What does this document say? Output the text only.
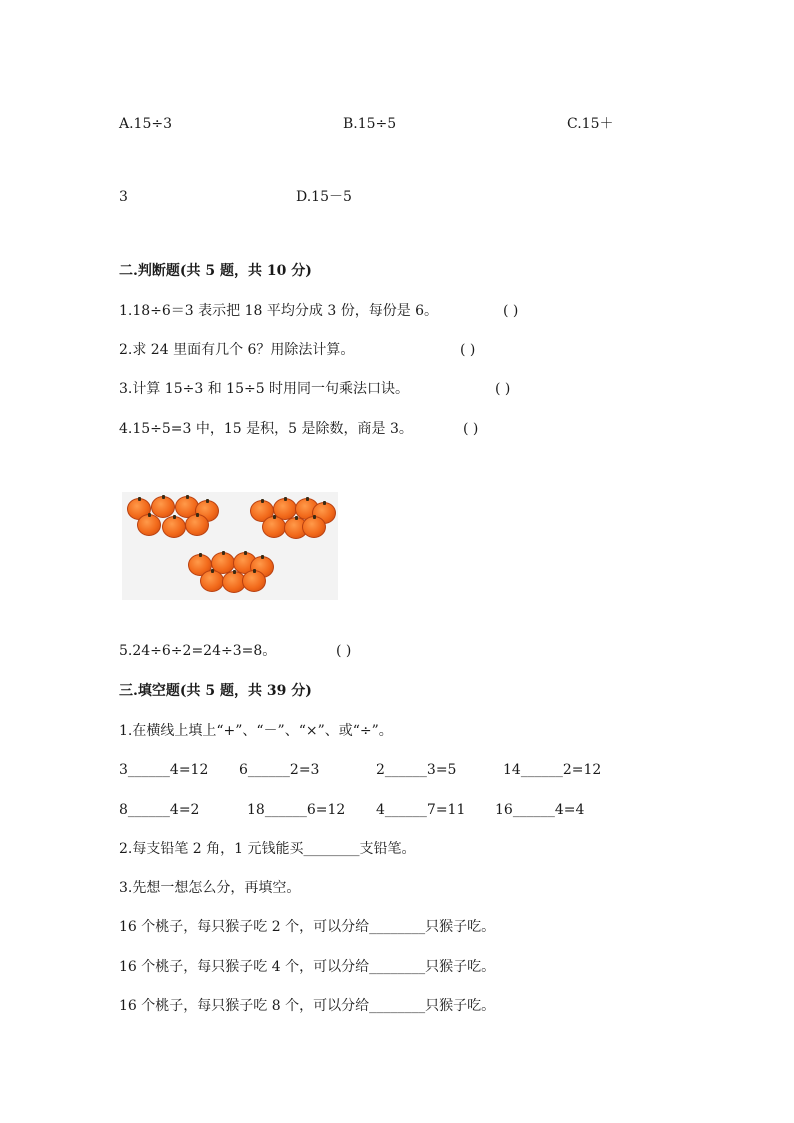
A.15÷3	B.15÷5	C.15＋
3	D.15－5
二.判断题(共 5 题，共 10 分)
1.18÷6＝3 表示把 18 平均分成 3 份，每份是 6。	( )
2.求 24 里面有几个 6？用除法计算。	( )
3.计算 15÷3 和 15÷5 时用同一句乘法口诀。	( )
4.15÷5=3 中，15 是积，5 是除数，商是 3。	( )
5.24÷6÷2=24÷3=8。	( )
三.填空题(共 5 题，共 39 分)
1.在横线上填上“+”、“－”、“×”、或“÷”。
3______4=12 6______2=3	2______3=5	14______2=12
8______4=2	18______6=12 4______7=11 16______4=4
2.每支铅笔 2 角，1 元钱能买________支铅笔。
3.先想一想怎么分，再填空。
16 个桃子，每只猴子吃 2 个，可以分给________只猴子吃。
16 个桃子，每只猴子吃 4 个，可以分给________只猴子吃。
16 个桃子，每只猴子吃 8 个，可以分给________只猴子吃。
